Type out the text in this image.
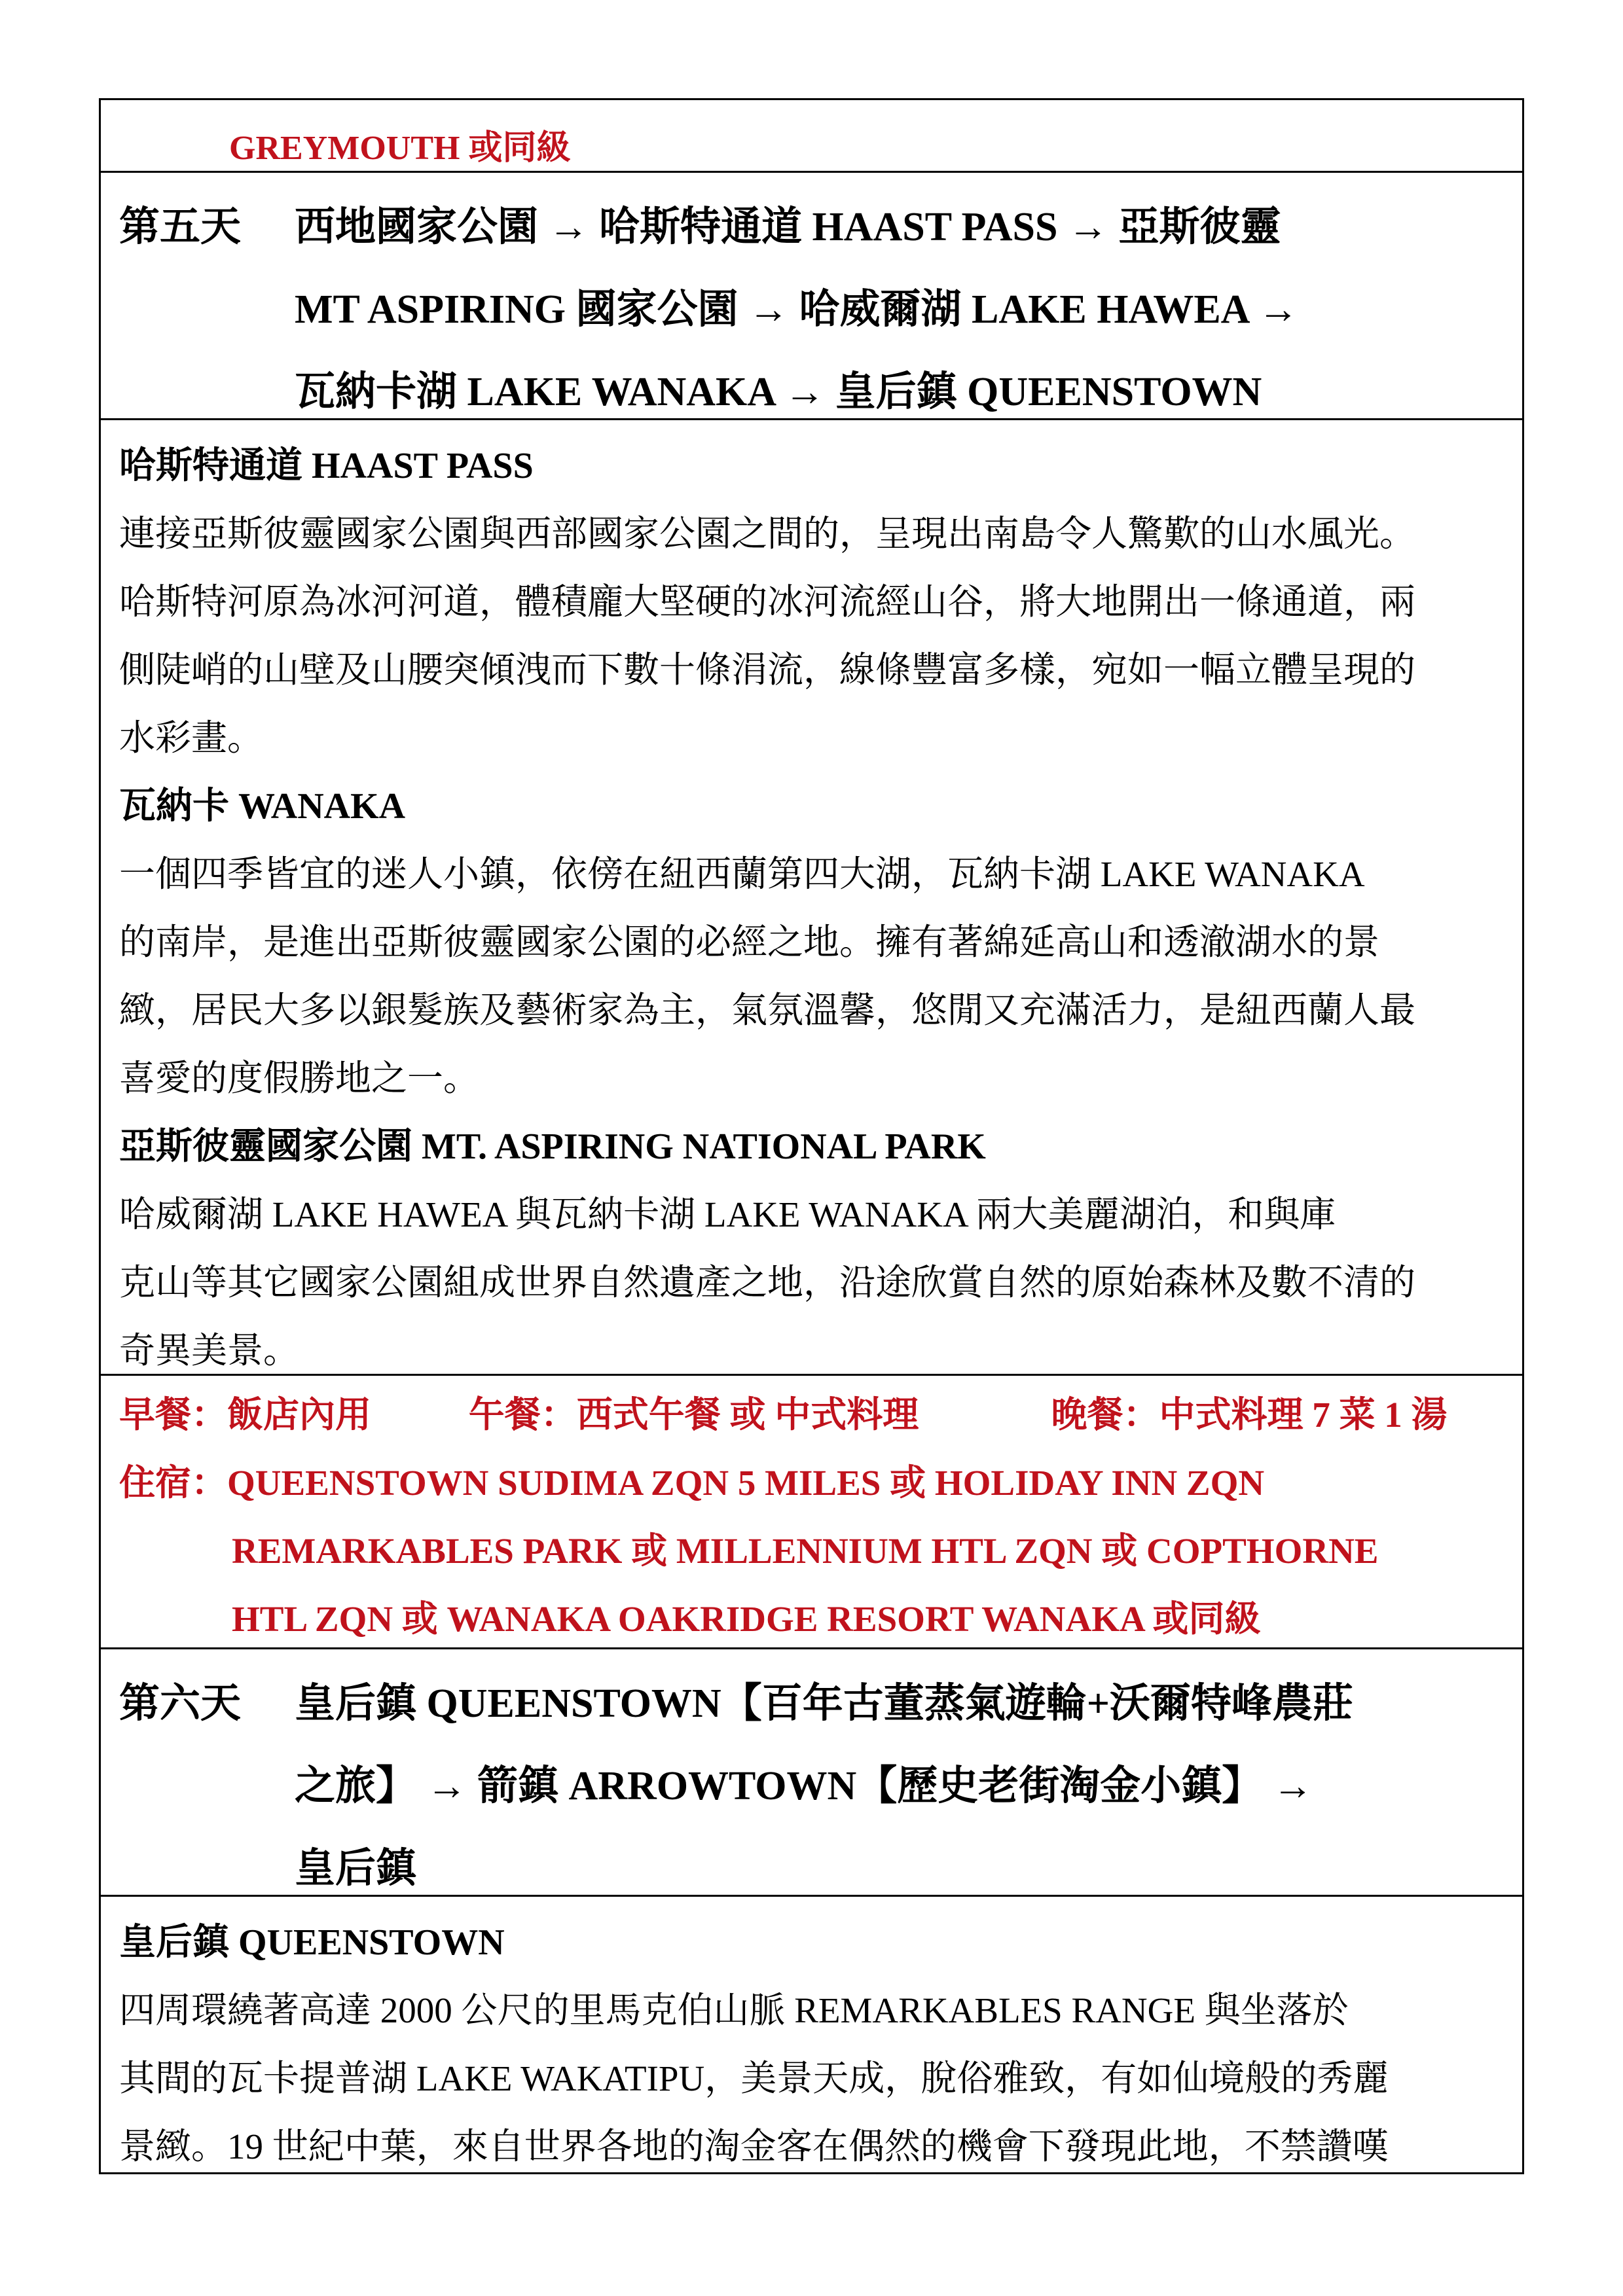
GREYMOUTH 或同級
第五天	西地國家公園 → 哈斯特通道 HAAST PASS → 亞斯彼靈
MT ASPIRING 國家公園 → 哈威爾湖 LAKE HAWEA →
瓦納卡湖 LAKE WANAKA → 皇后鎮 QUEENSTOWN
哈斯特通道 HAAST PASS
連接亞斯彼靈國家公園與西部國家公園之間的，呈現出南島令人驚歎的山水風光。
哈斯特河原為冰河河道，體積龐大堅硬的冰河流經山谷，將大地開出一條通道，兩
側陡峭的山壁及山腰突傾洩而下數十條涓流，線條豐富多樣，宛如一幅立體呈現的
水彩畫。
瓦納卡 WANAKA
一個四季皆宜的迷人小鎮，依傍在紐西蘭第四大湖，瓦納卡湖 LAKE WANAKA
的南岸，是進出亞斯彼靈國家公園的必經之地。擁有著綿延高山和透澈湖水的景
緻，居民大多以銀髮族及藝術家為主，氣氛溫馨，悠閒又充滿活力，是紐西蘭人最
喜愛的度假勝地之一。
亞斯彼靈國家公園 MT. ASPIRING NATIONAL PARK
哈威爾湖 LAKE HAWEA 與瓦納卡湖 LAKE WANAKA 兩大美麗湖泊，和與庫
克山等其它國家公園組成世界自然遺產之地，沿途欣賞自然的原始森林及數不清的
奇異美景。
早餐：飯店內用	午餐：西式午餐 或 中式料理	晚餐：中式料理 7 菜 1 湯
住宿：QUEENSTOWN SUDIMA ZQN 5 MILES 或 HOLIDAY INN ZQN
REMARKABLES PARK 或 MILLENNIUM HTL ZQN 或 COPTHORNE
HTL ZQN 或 WANAKA OAKRIDGE RESORT WANAKA 或同級
第六天	皇后鎮 QUEENSTOWN【百年古董蒸氣遊輪+沃爾特峰農莊
之旅】 → 箭鎮 ARROWTOWN【歷史老街淘金小鎮】 →
皇后鎮
皇后鎮 QUEENSTOWN
四周環繞著高達 2000 公尺的里馬克伯山脈 REMARKABLES RANGE 與坐落於
其間的瓦卡提普湖 LAKE WAKATIPU，美景天成，脫俗雅致，有如仙境般的秀麗
景緻。19 世紀中葉，來自世界各地的淘金客在偶然的機會下發現此地，不禁讚嘆
